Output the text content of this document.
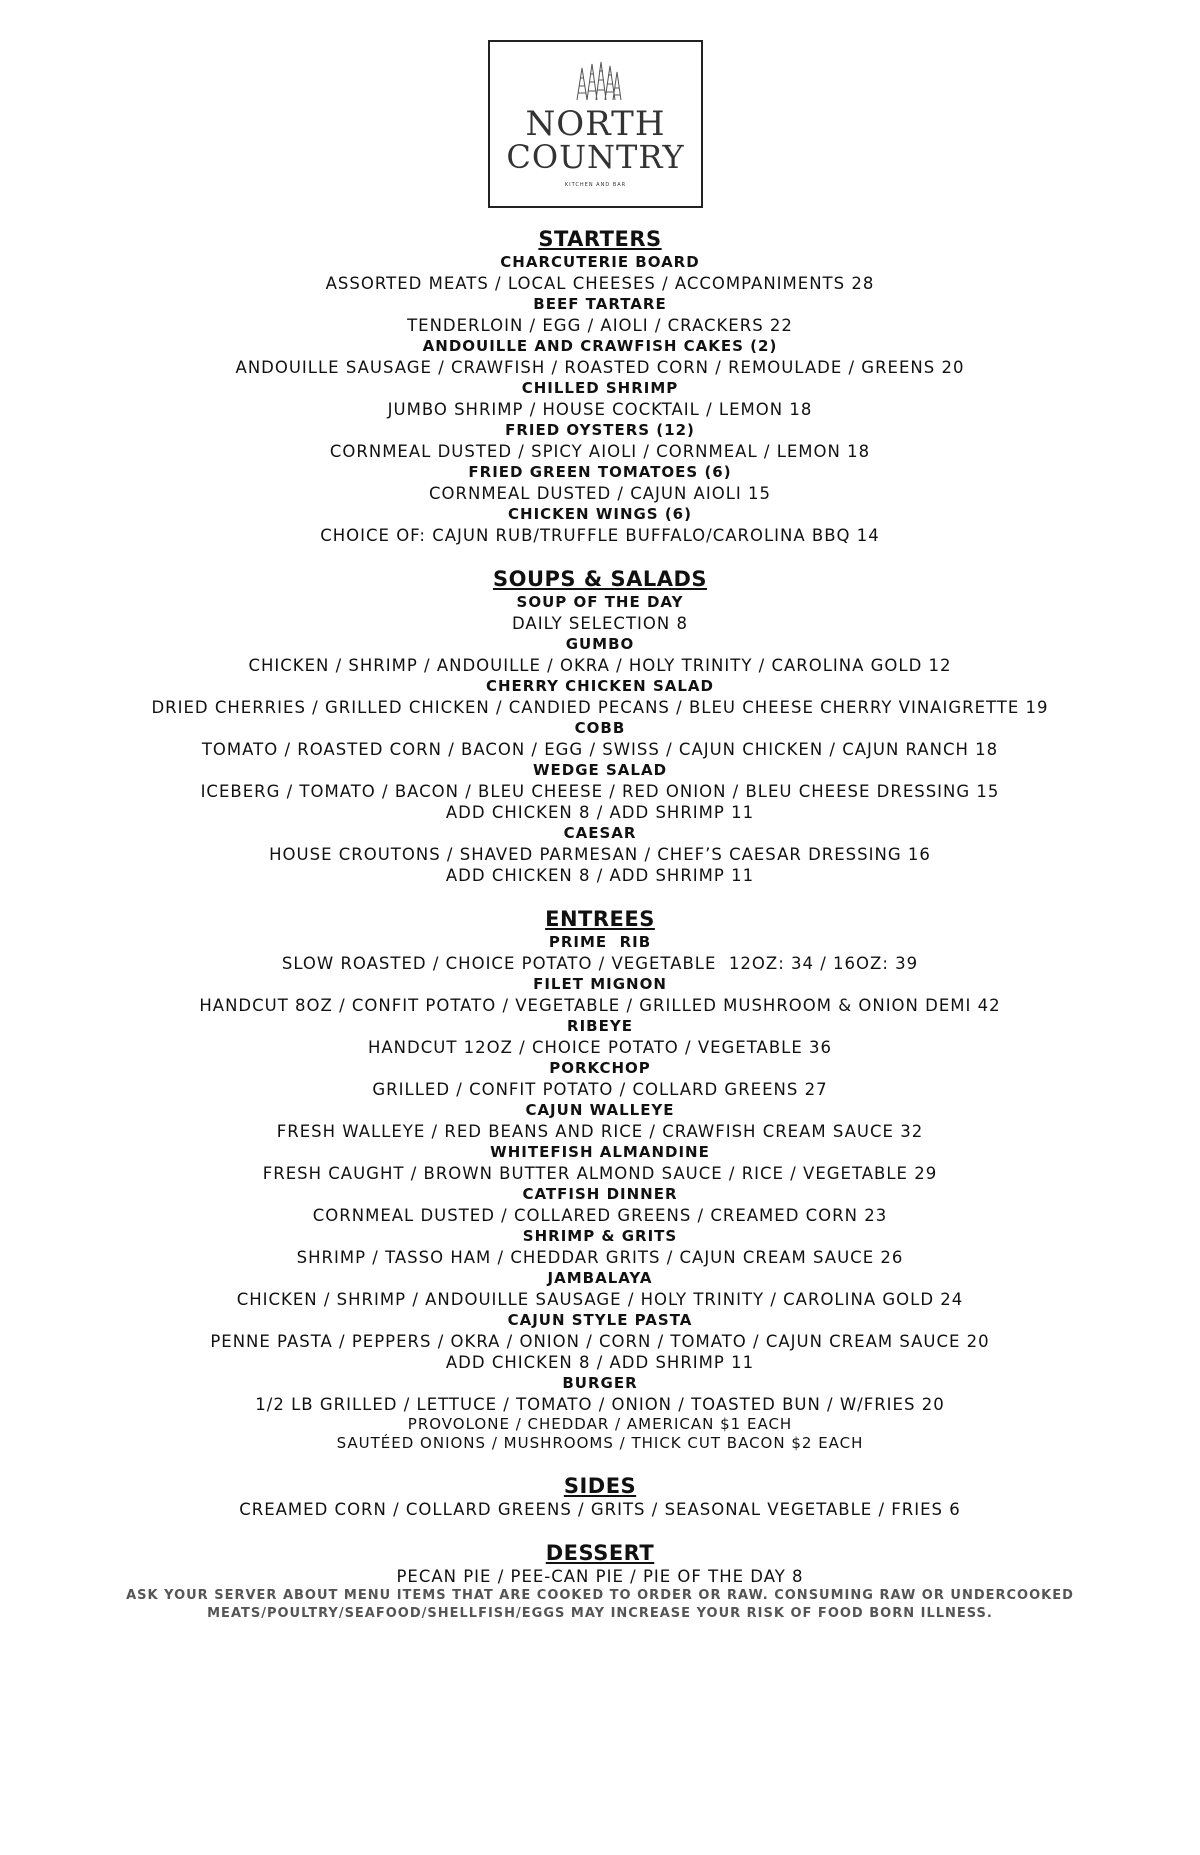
NORTH
COUNTRY
KITCHEN AND BAR
STARTERS
CHARCUTERIE BOARD
ASSORTED MEATS / LOCAL CHEESES / ACCOMPANIMENTS 28
BEEF TARTARE
TENDERLOIN / EGG / AIOLI / CRACKERS 22
ANDOUILLE AND CRAWFISH CAKES (2)
ANDOUILLE SAUSAGE / CRAWFISH / ROASTED CORN / REMOULADE / GREENS 20
CHILLED SHRIMP
JUMBO SHRIMP / HOUSE COCKTAIL / LEMON 18
FRIED OYSTERS (12)
CORNMEAL DUSTED / SPICY AIOLI / CORNMEAL / LEMON 18
FRIED GREEN TOMATOES (6)
CORNMEAL DUSTED / CAJUN AIOLI 15
CHICKEN WINGS (6)
CHOICE OF: CAJUN RUB/TRUFFLE BUFFALO/CAROLINA BBQ 14
SOUPS & SALADS
SOUP OF THE DAY
DAILY SELECTION 8
GUMBO
CHICKEN / SHRIMP / ANDOUILLE / OKRA / HOLY TRINITY / CAROLINA GOLD 12
CHERRY CHICKEN SALAD
DRIED CHERRIES / GRILLED CHICKEN / CANDIED PECANS / BLEU CHEESE CHERRY VINAIGRETTE 19
COBB
TOMATO / ROASTED CORN / BACON / EGG / SWISS / CAJUN CHICKEN / CAJUN RANCH 18
WEDGE SALAD
ICEBERG / TOMATO / BACON / BLEU CHEESE / RED ONION / BLEU CHEESE DRESSING 15
ADD CHICKEN 8 / ADD SHRIMP 11
CAESAR
HOUSE CROUTONS / SHAVED PARMESAN / CHEF’S CAESAR DRESSING 16
ADD CHICKEN 8 / ADD SHRIMP 11
ENTREES
PRIME  RIB
SLOW ROASTED / CHOICE POTATO / VEGETABLE  12OZ: 34 / 16OZ: 39
FILET MIGNON
HANDCUT 8OZ / CONFIT POTATO / VEGETABLE / GRILLED MUSHROOM & ONION DEMI 42
RIBEYE
HANDCUT 12OZ / CHOICE POTATO / VEGETABLE 36
PORKCHOP
GRILLED / CONFIT POTATO / COLLARD GREENS 27
CAJUN WALLEYE
FRESH WALLEYE / RED BEANS AND RICE / CRAWFISH CREAM SAUCE 32
WHITEFISH ALMANDINE
FRESH CAUGHT / BROWN BUTTER ALMOND SAUCE / RICE / VEGETABLE 29
CATFISH DINNER
CORNMEAL DUSTED / COLLARED GREENS / CREAMED CORN 23
SHRIMP & GRITS
SHRIMP / TASSO HAM / CHEDDAR GRITS / CAJUN CREAM SAUCE 26
JAMBALAYA
CHICKEN / SHRIMP / ANDOUILLE SAUSAGE / HOLY TRINITY / CAROLINA GOLD 24
CAJUN STYLE PASTA
PENNE PASTA / PEPPERS / OKRA / ONION / CORN / TOMATO / CAJUN CREAM SAUCE 20
ADD CHICKEN 8 / ADD SHRIMP 11
BURGER
1/2 LB GRILLED / LETTUCE / TOMATO / ONION / TOASTED BUN / W/FRIES 20
PROVOLONE / CHEDDAR / AMERICAN $1 EACH
SAUTÉED ONIONS / MUSHROOMS / THICK CUT BACON $2 EACH
SIDES
CREAMED CORN / COLLARD GREENS / GRITS / SEASONAL VEGETABLE / FRIES 6
DESSERT
PECAN PIE / PEE-CAN PIE / PIE OF THE DAY 8
ASK YOUR SERVER ABOUT MENU ITEMS THAT ARE COOKED TO ORDER OR RAW. CONSUMING RAW OR UNDERCOOKED
MEATS/POULTRY/SEAFOOD/SHELLFISH/EGGS MAY INCREASE YOUR RISK OF FOOD BORN ILLNESS.
